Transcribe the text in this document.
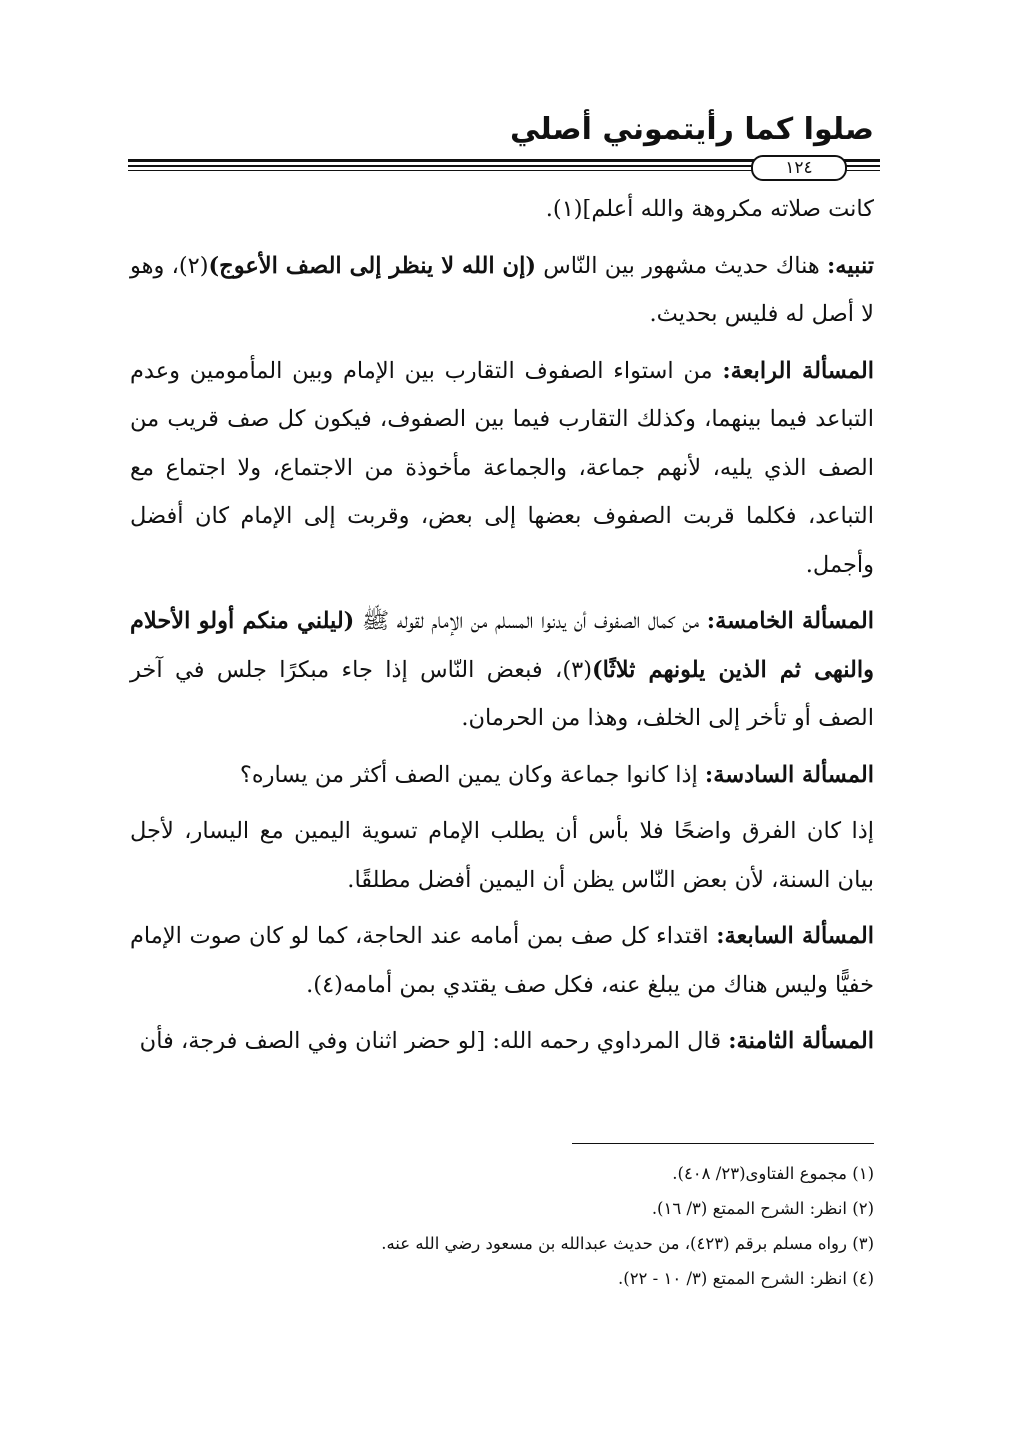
صلوا كما رأيتموني أصلي
١٢٤

كانت صلاته مكروهة والله أعلم](١).

تنبيه: هناك حديث مشهور بين النّاس (إن الله لا ينظر إلى الصف الأعوج)(٢)، وهو لا أصل له فليس بحديث.

المسألة الرابعة: من استواء الصفوف التقارب بين الإمام وبين المأمومين وعدم التباعد فيما بينهما، وكذلك التقارب فيما بين الصفوف، فيكون كل صف قريب من الصف الذي يليه، لأنهم جماعة، والجماعة مأخوذة من الاجتماع، ولا اجتماع مع التباعد، فكلما قربت الصفوف بعضها إلى بعض، وقربت إلى الإمام كان أفضل وأجمل.

المسألة الخامسة: من كمال الصفوف أن يدنوا المسلم من الإمام لقوله ﷺ (ليلني منكم أولو الأحلام والنهى ثم الذين يلونهم ثلاثًا)(٣)، فبعض النّاس إذا جاء مبكرًا جلس في آخر الصف أو تأخر إلى الخلف، وهذا من الحرمان.

المسألة السادسة: إذا كانوا جماعة وكان يمين الصف أكثر من يساره؟

إذا كان الفرق واضحًا فلا بأس أن يطلب الإمام تسوية اليمين مع اليسار، لأجل بيان السنة، لأن بعض النّاس يظن أن اليمين أفضل مطلقًا.

المسألة السابعة: اقتداء كل صف بمن أمامه عند الحاجة، كما لو كان صوت الإمام خفيًّا وليس هناك من يبلغ عنه، فكل صف يقتدي بمن أمامه(٤).

المسألة الثامنة: قال المرداوي رحمه الله: [لو حضر اثنان وفي الصف فرجة، فأن

(١) مجموع الفتاوى(٢٣/ ٤٠٨).

(٢) انظر: الشرح الممتع (٣/ ١٦).

(٣) رواه مسلم برقم (٤٢٣)، من حديث عبدالله بن مسعود رضي الله عنه.

(٤) انظر: الشرح الممتع (٣/ ١٠ - ٢٢).
